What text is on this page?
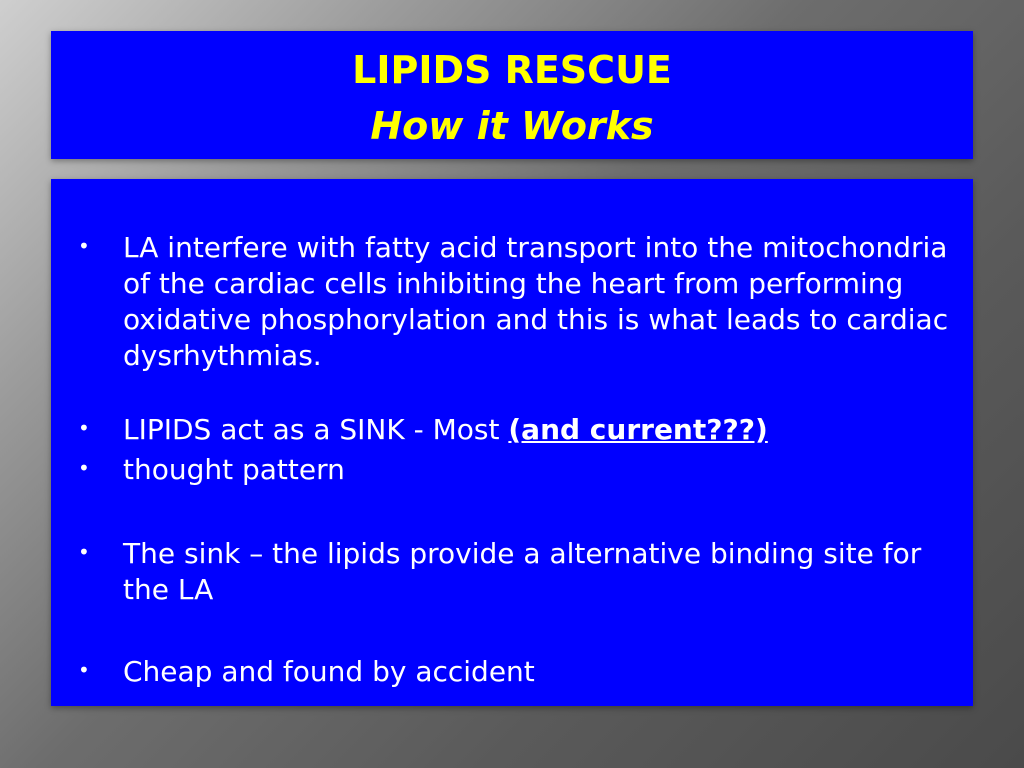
LIPIDS RESCUE
How it Works
• LA interfere with fatty acid transport into the mitochondria of the cardiac cells inhibiting the heart from performing oxidative phosphorylation and this is what leads to cardiac dysrhythmias.
• LIPIDS act as a SINK - Most (and current???)
• thought pattern
• The sink – the lipids provide a alternative binding site for the LA
• Cheap and found by accident
